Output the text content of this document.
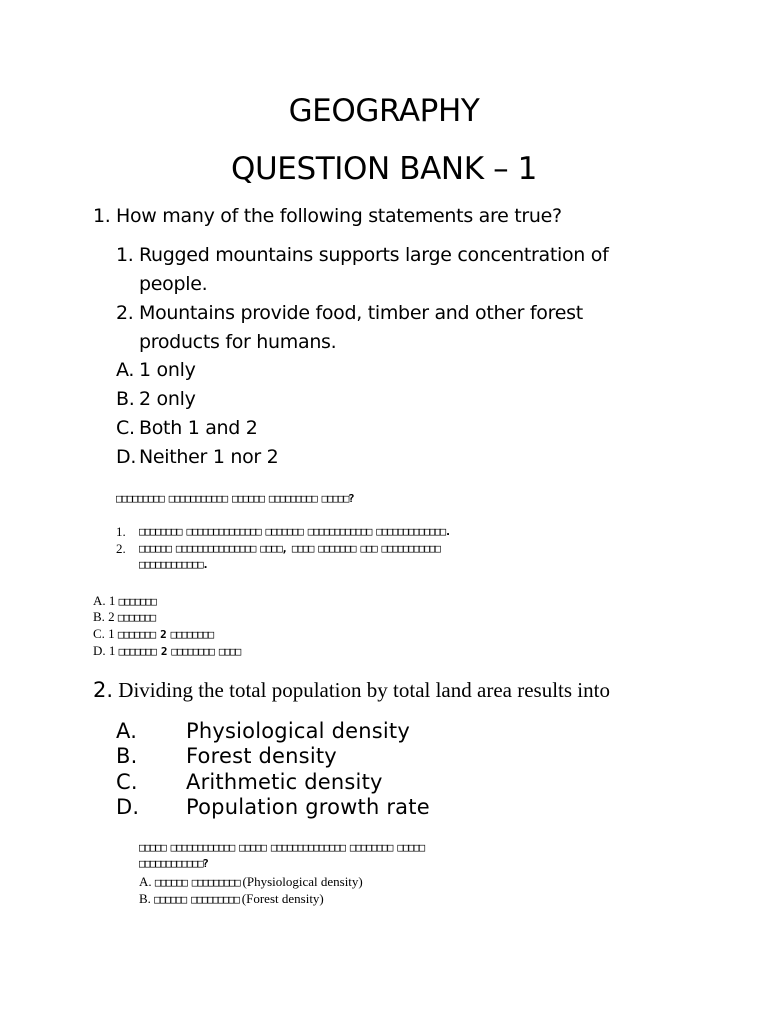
GEOGRAPHY
QUESTION BANK – 1
1. How many of the following statements are true?
1. Rugged mountains supports large concentration of
people.
2. Mountains provide food, timber and other forest
products for humans.
A. 1 only
B. 2 only
C. Both 1 and 2
D. Neither 1 nor 2
□□□□□□□□□ □□□□□□□□□□□ □□□□□□ □□□□□□□□□ □□□□□?
1. □□□□□□□□ □□□□□□□□□□□□□□ □□□□□□□ □□□□□□□□□□□□ □□□□□□□□□□□□□.
2. □□□□□□ □□□□□□□□□□□□□□□ □□□□, □□□□ □□□□□□□ □□□ □□□□□□□□□□□
□□□□□□□□□□□□.
A. 1 □□□□□□□
B. 2 □□□□□□□
C. 1 □□□□□□□ 2 □□□□□□□□
D. 1 □□□□□□□ 2 □□□□□□□□ □□□□
2. Dividing the total population by total land area results into
A. Physiological density
B. Forest density
C. Arithmetic density
D. Population growth rate
□□□□□ □□□□□□□□□□□□ □□□□□ □□□□□□□□□□□□□□ □□□□□□□□ □□□□□
□□□□□□□□□□□□?
A. □□□□□□ □□□□□□□□□ (Physiological density)
B. □□□□□□ □□□□□□□□□ (Forest density)
